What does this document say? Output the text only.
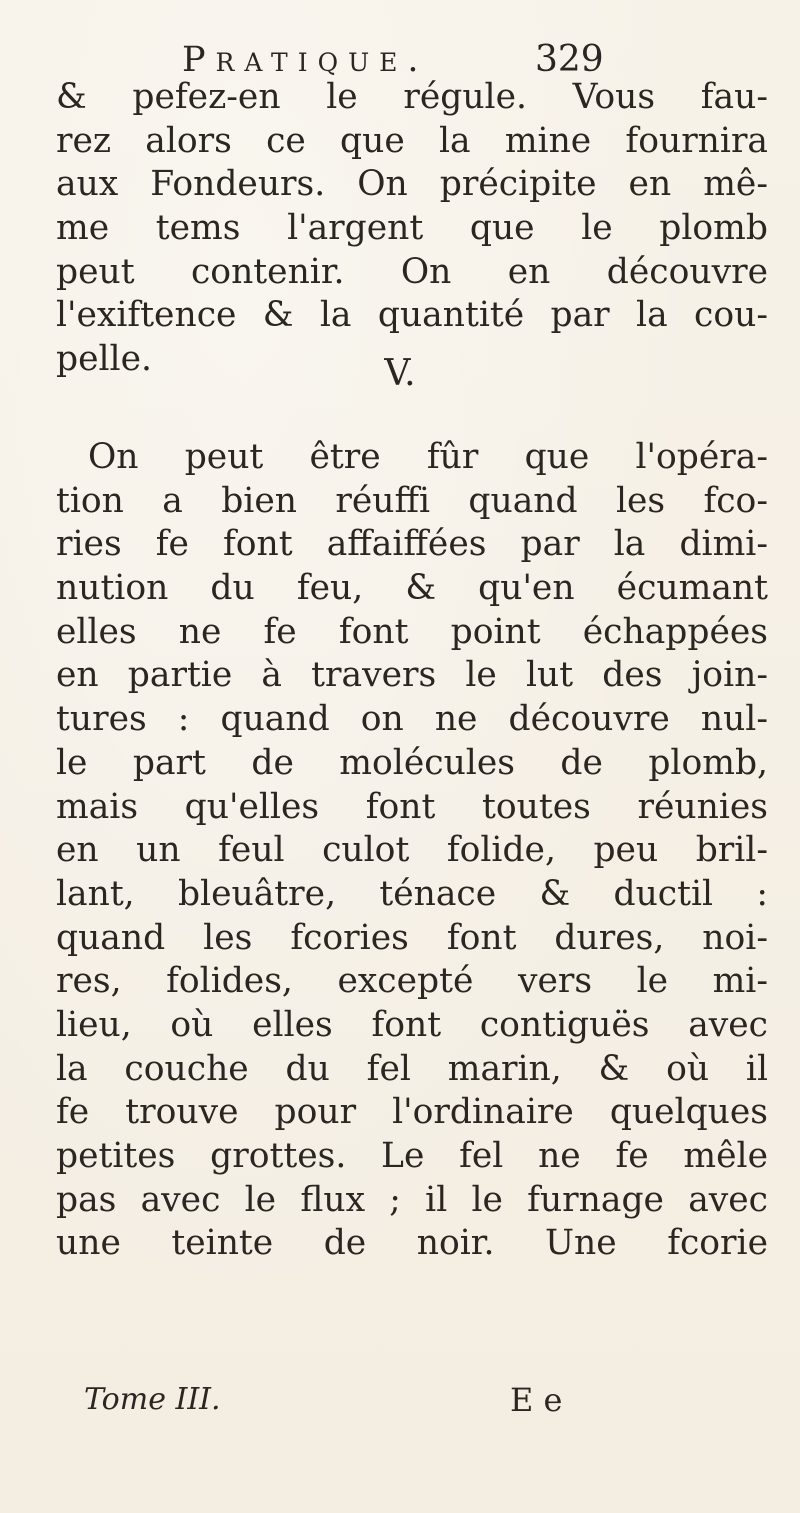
Pratique.	329
& pefez-en le régule. Vous fau-
rez alors ce que la mine fournira
aux Fondeurs. On précipite en mê-
me tems l'argent que le plomb
peut contenir. On en découvre
l'exiftence & la quantité par la cou-
pelle.	V.
On peut être fûr que l'opéra-
tion a bien réuffi quand les fco-
ries fe font affaiffées par la dimi-
nution du feu, & qu'en écumant
elles ne fe font point échappées
en partie à travers le lut des join-
tures : quand on ne découvre nul-
le part de molécules de plomb,
mais qu'elles font toutes réunies
en un feul culot folide, peu bril-
lant, bleuâtre, ténace & ductil :
quand les fcories font dures, noi-
res, folides, excepté vers le mi-
lieu, où elles font contiguës avec
la couche du fel marin, & où il
fe trouve pour l'ordinaire quelques
petites grottes. Le fel ne fe mêle
pas avec le flux ; il le furnage avec
une teinte de noir. Une fcorie
Tome III.	E e
